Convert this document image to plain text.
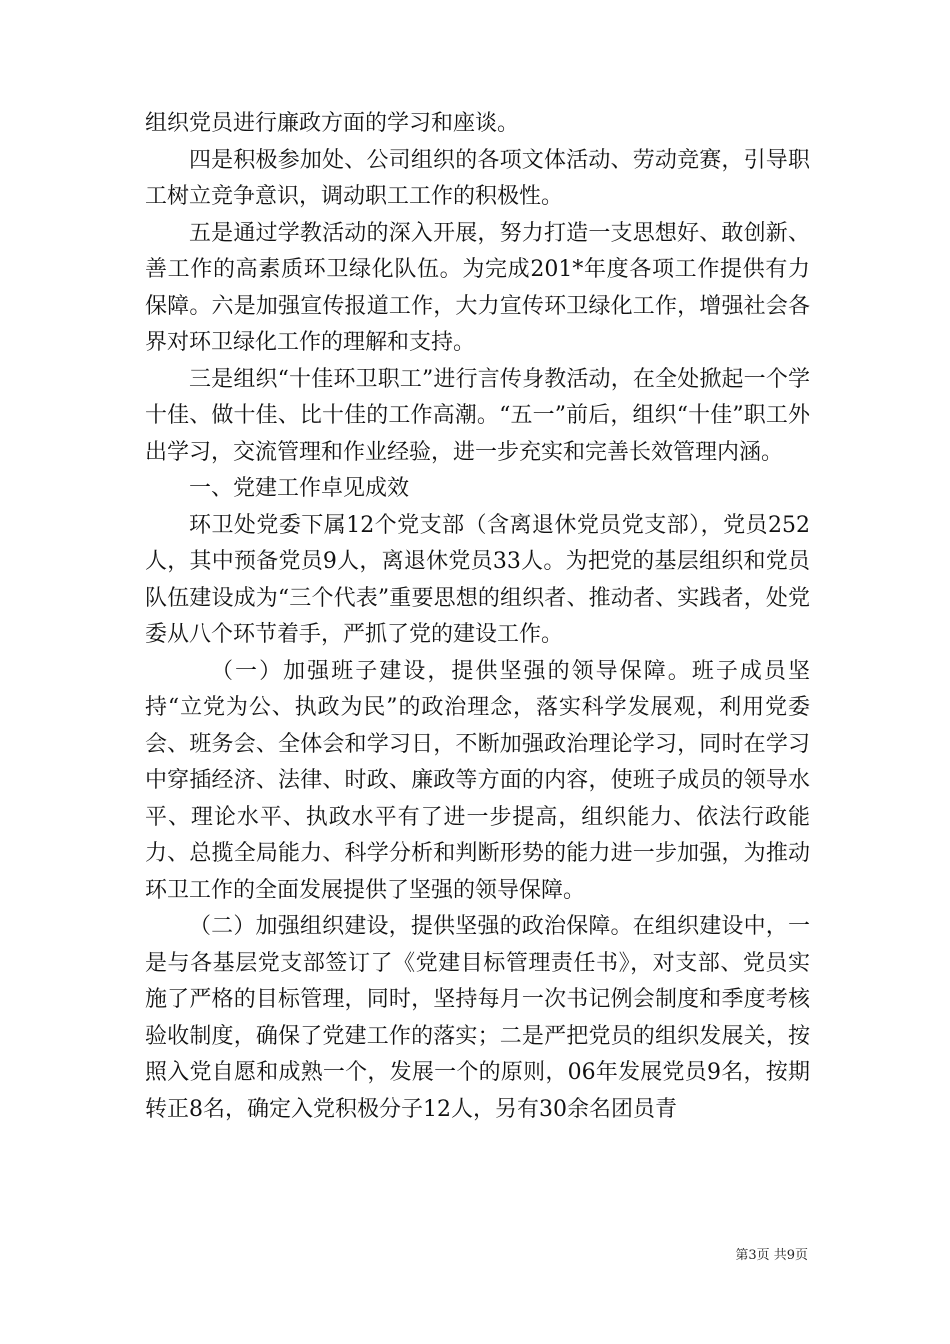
组织党员进行廉政方面的学习和座谈。

四是积极参加处、公司组织的各项文体活动、劳动竞赛，引导职工树立竞争意识，调动职工工作的积极性。

五是通过学教活动的深入开展，努力打造一支思想好、敢创新、善工作的高素质环卫绿化队伍。为完成201*年度各项工作提供有力保障。六是加强宣传报道工作，大力宣传环卫绿化工作，增强社会各界对环卫绿化工作的理解和支持。

三是组织“十佳环卫职工”进行言传身教活动，在全处掀起一个学十佳、做十佳、比十佳的工作高潮。“五一”前后，组织“十佳”职工外出学习，交流管理和作业经验，进一步充实和完善长效管理内涵。

一、党建工作卓见成效

环卫处党委下属12个党支部（含离退休党员党支部），党员252人，其中预备党员9人，离退休党员33人。为把党的基层组织和党员队伍建设成为“三个代表”重要思想的组织者、推动者、实践者，处党委从八个环节着手，严抓了党的建设工作。

（一）加强班子建设，提供坚强的领导保障。班子成员坚持“立党为公、执政为民”的政治理念，落实科学发展观，利用党委会、班务会、全体会和学习日，不断加强政治理论学习，同时在学习中穿插经济、法律、时政、廉政等方面的内容，使班子成员的领导水平、理论水平、执政水平有了进一步提高，组织能力、依法行政能力、总揽全局能力、科学分析和判断形势的能力进一步加强，为推动环卫工作的全面发展提供了坚强的领导保障。

（二）加强组织建设，提供坚强的政治保障。在组织建设中，一是与各基层党支部签订了《党建目标管理责任书》，对支部、党员实施了严格的目标管理，同时，坚持每月一次书记例会制度和季度考核验收制度，确保了党建工作的落实；二是严把党员的组织发展关，按照入党自愿和成熟一个，发展一个的原则，06年发展党员9名，按期转正8名，确定入党积极分子12人，另有30余名团员青

第3页 共9页
